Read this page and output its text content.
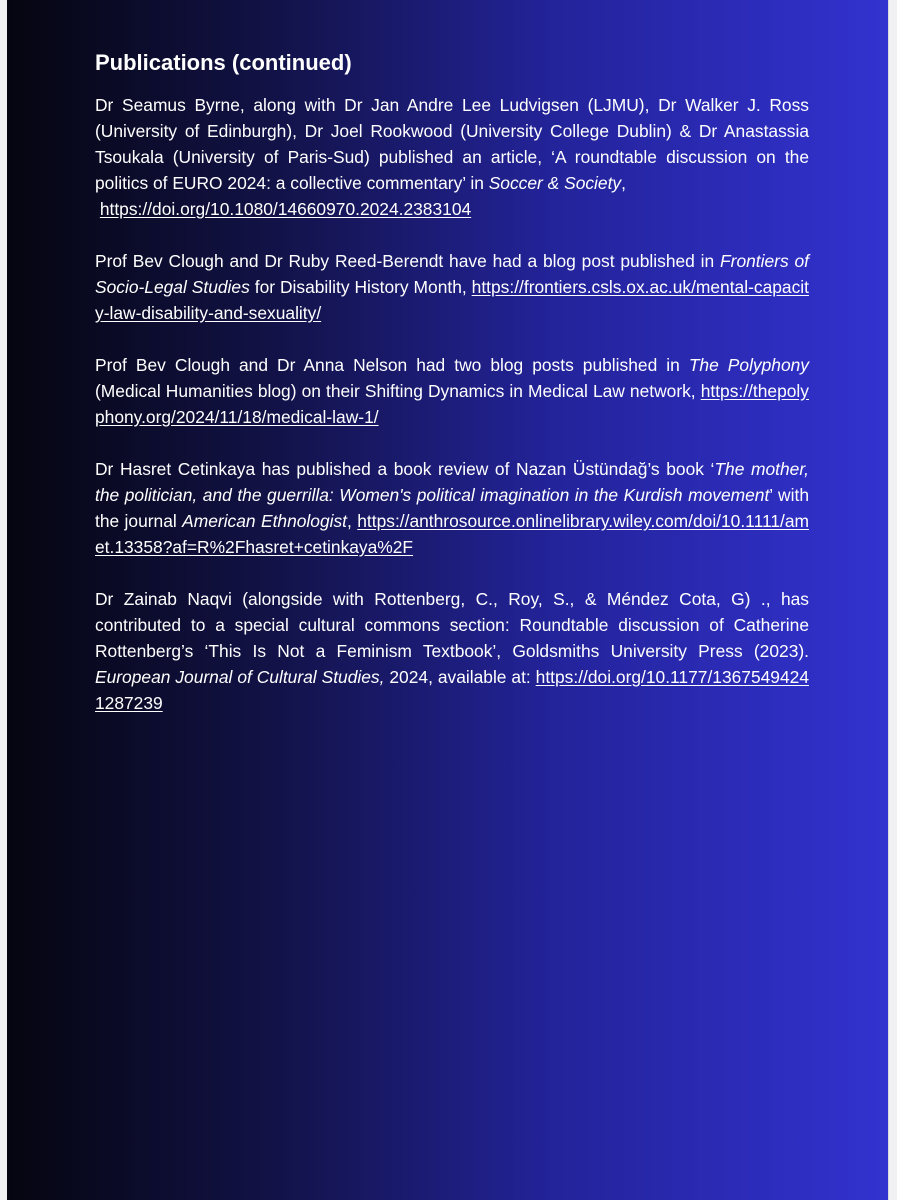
Publications (continued)

Dr Seamus Byrne, along with Dr Jan Andre Lee Ludvigsen (LJMU), Dr Walker J. Ross (University of Edinburgh), Dr Joel Rookwood (University College Dublin) & Dr Anastassia Tsoukala (University of Paris-Sud) published an article, ‘A roundtable discussion on the politics of EURO 2024: a collective commentary’ in Soccer & Society,
https://doi.org/10.1080/14660970.2024.2383104

Prof Bev Clough and Dr Ruby Reed-Berendt have had a blog post published in Frontiers of Socio-Legal Studies for Disability History Month, https://frontiers.csls.ox.ac.uk/mental-capacity-law-disability-and-sexuality/

Prof Bev Clough and Dr Anna Nelson had two blog posts published in The Polyphony (Medical Humanities blog) on their Shifting Dynamics in Medical Law network, https://thepolyphony.org/2024/11/18/medical-law-1/

Dr Hasret Cetinkaya has published a book review of Nazan Üstündağ’s book ‘The mother, the politician, and the guerrilla: Women's political imagination in the Kurdish movement’ with the journal American Ethnologist, https://anthrosource.onlinelibrary.wiley.com/doi/10.1111/amet.13358?af=R%2Fhasret+cetinkaya%2F

Dr Zainab Naqvi (alongside with Rottenberg, C., Roy, S., & Méndez Cota, G) ., has contributed to a special cultural commons section: Roundtable discussion of Catherine Rottenberg’s ‘This Is Not a Feminism Textbook’, Goldsmiths University Press (2023). European Journal of Cultural Studies, 2024, available at: https://doi.org/10.1177/13675494241287239
